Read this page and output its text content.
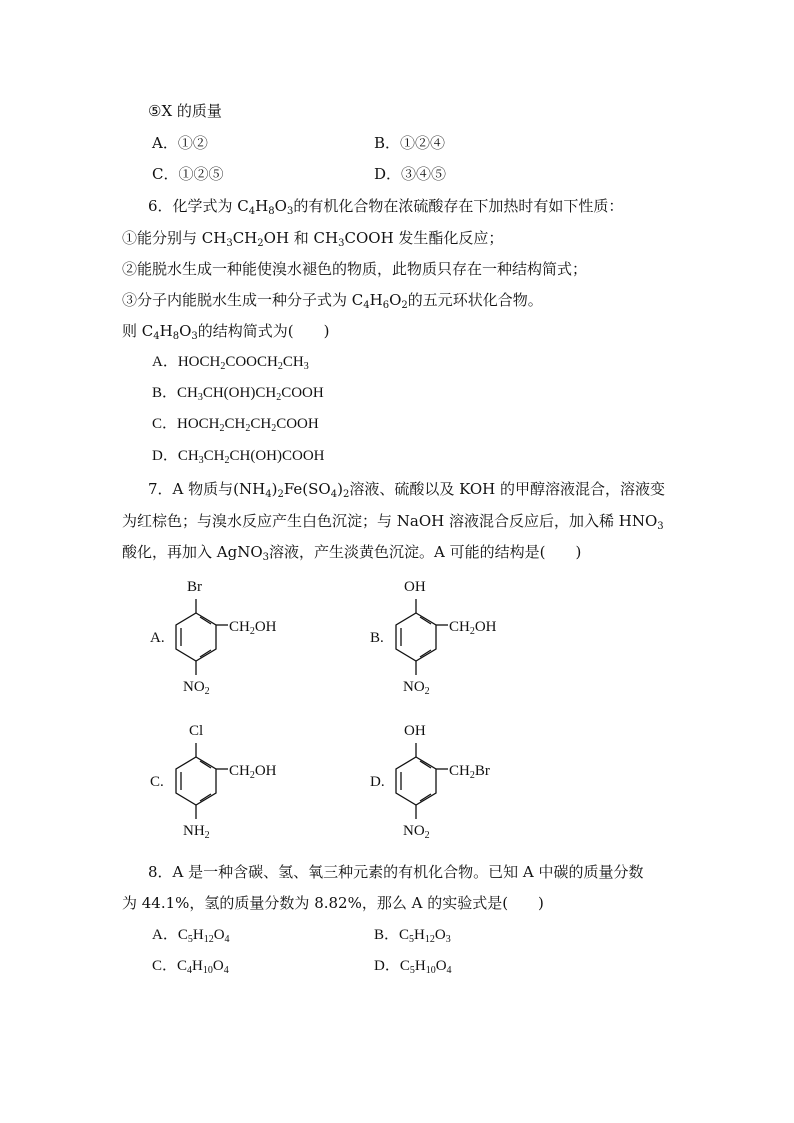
⑤X 的质量
A．①②	B．①②④
C．①②⑤	D．③④⑤
6．化学式为 $C_4H_8O_3$的有机化合物在浓硫酸存在下加热时有如下性质：
①能分别与 $CH_3CH_2OH$ 和 $CH_3COOH$ 发生酯化反应；
②能脱水生成一种能使溴水褪色的物质，此物质只存在一种结构简式；
③分子内能脱水生成一种分子式为 $C_4H_6O_2$的五元环状化合物。
则 $C_4H_8O_3$的结构简式为(　　)
A．$HOCH_2COOCH_2CH_3$
B．$CH_3CH(OH)CH_2COOH$
C．$HOCH_2CH_2CH_2COOH$
D．$CH_3CH_2CH(OH)COOH$
7．A 物质与$(NH_4)_2Fe(SO_4)_2$溶液、硫酸以及 KOH 的甲醇溶液混合，溶液变
为红棕色；与溴水反应产生白色沉淀；与 NaOH 溶液混合反应后，加入稀 $HNO_3$
酸化，再加入 AgNO$_3$溶液，产生淡黄色沉淀。A 可能的结构是(　　)
A.
Br
$CH_2OH$
$NO_2$
B.
OH
$CH_2OH$
$NO_2$
C.
Cl
$CH_2OH$
$NH_2$
D.
OH
$CH_2Br$
$NO_2$
8．A 是一种含碳、氢、氧三种元素的有机化合物。已知 A 中碳的质量分数
为 44.1%，氢的质量分数为 8.82%，那么 A 的实验式是(　　)
A．$C_5H_{12}O_4$	B．$C_5H_{12}O_3$
C．$C_4H_{10}O_4$	D．$C_5H_{10}O_4$
